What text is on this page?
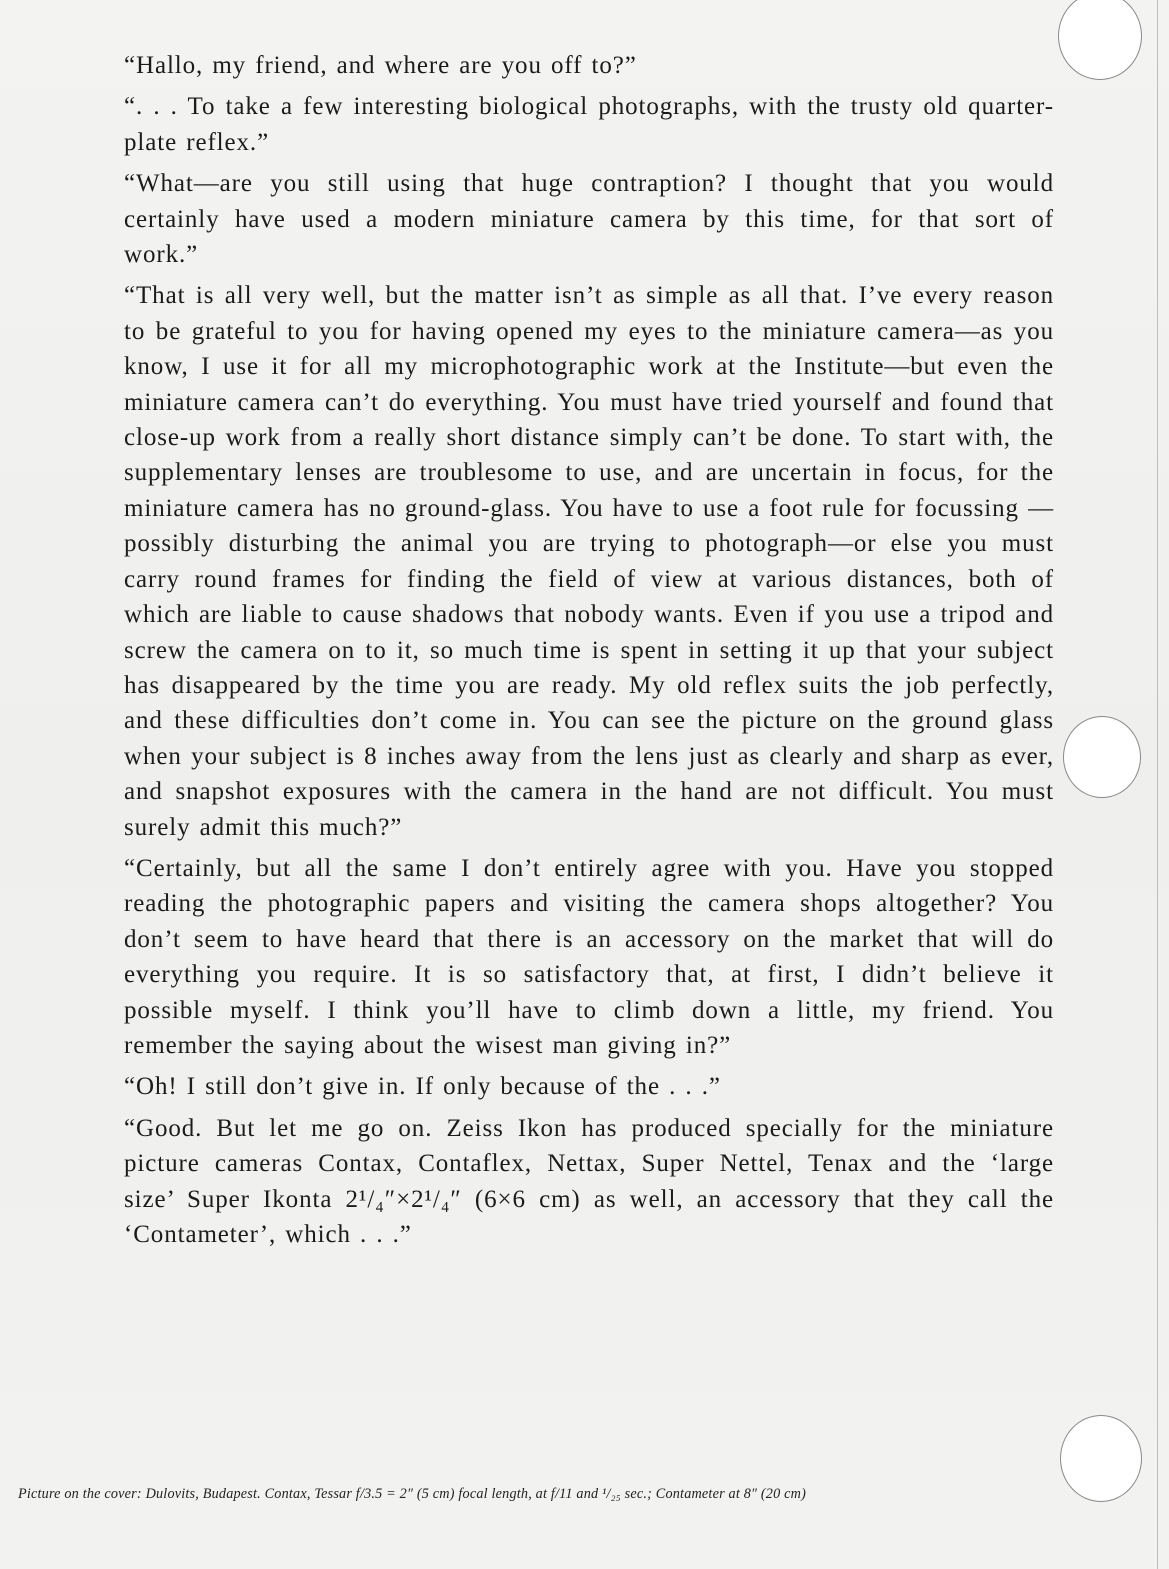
“Hallo, my friend, and where are you off to?”

“. . . To take a few interesting biological photographs, with the trusty old quarter-plate reflex.”

“What—are you still using that huge contraption? I thought that you would certainly have used a modern miniature camera by this time, for that sort of work.”

“That is all very well, but the matter isn’t as simple as all that. I’ve every reason to be grateful to you for having opened my eyes to the miniature camera—as you know, I use it for all my microphotographic work at the Institute—but even the miniature camera can’t do everything. You must have tried yourself and found that close-up work from a really short distance simply can’t be done. To start with, the supplementary lenses are troublesome to use, and are uncertain in focus, for the miniature camera has no ground-glass. You have to use a foot rule for focussing —possibly disturbing the animal you are trying to photograph—or else you must carry round frames for finding the field of view at various distances, both of which are liable to cause shadows that nobody wants. Even if you use a tripod and screw the camera on to it, so much time is spent in setting it up that your subject has disappeared by the time you are ready. My old reflex suits the job perfectly, and these difficulties don’t come in. You can see the picture on the ground glass when your subject is 8 inches away from the lens just as clearly and sharp as ever, and snapshot exposures with the camera in the hand are not difficult. You must surely admit this much?”

“Certainly, but all the same I don’t entirely agree with you. Have you stopped reading the photographic papers and visiting the camera shops altogether? You don’t seem to have heard that there is an accessory on the market that will do everything you require. It is so satisfactory that, at first, I didn’t believe it possible myself. I think you’ll have to climb down a little, my friend. You remember the saying about the wisest man giving in?”

“Oh! I still don’t give in. If only because of the . . .”

“Good. But let me go on. Zeiss Ikon has produced specially for the miniature picture cameras Contax, Contaflex, Nettax, Super Nettel, Tenax and the ‘large size’ Super Ikonta 2¹/₄″×2¹/₄″ (6×6 cm) as well, an accessory that they call the ‘Contameter’, which . . .”

Picture on the cover: Dulovits, Budapest. Contax, Tessar f/3.5 = 2″ (5 cm) focal length, at f/11 and ¹/₂₅ sec.; Contameter at 8″ (20 cm)
